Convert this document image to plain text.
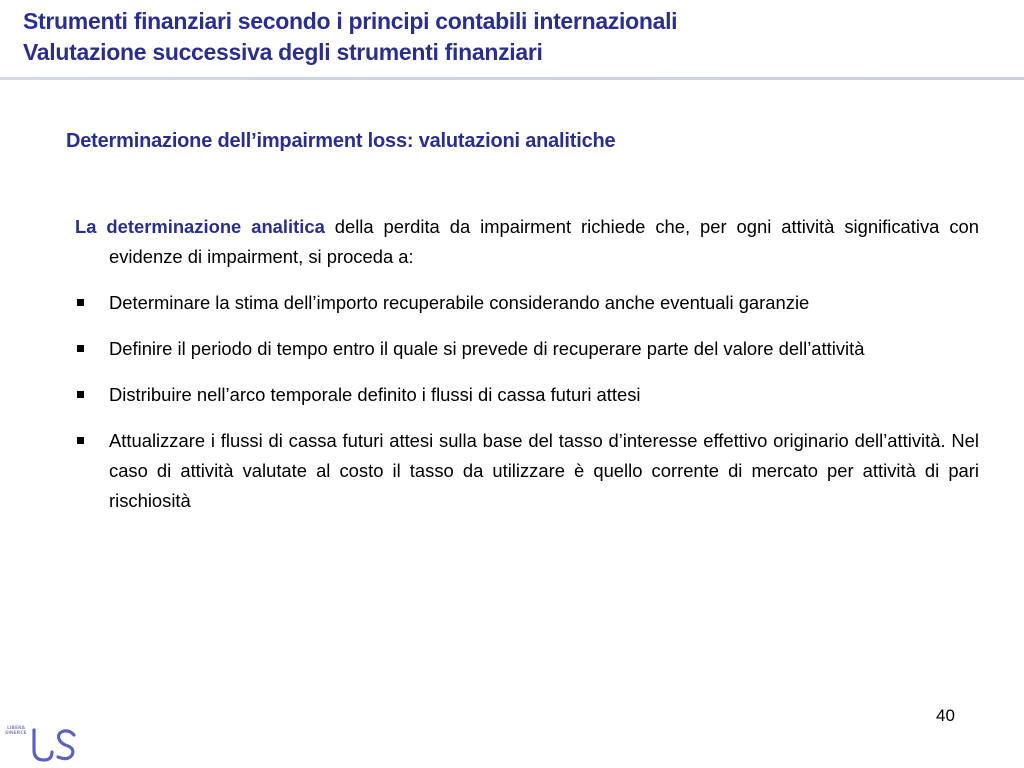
Strumenti finanziari secondo i principi contabili internazionali
Valutazione successiva degli strumenti finanziari
Determinazione dell’impairment loss: valutazioni analitiche

La determinazione analitica della perdita da impairment richiede che, per ogni attività significativa con evidenze di impairment, si proceda a:

Determinare la stima dell’importo recuperabile considerando anche eventuali garanzie
Definire il periodo di tempo entro il quale si prevede di recuperare parte del valore dell’attività
Distribuire nell’arco temporale definito i flussi di cassa futuri attesi
Attualizzare i flussi di cassa futuri attesi sulla base del tasso d’interesse effettivo originario dell’attività. Nel caso di attività valutate al costo il tasso da utilizzare è quello corrente di mercato per attività di pari rischiosità
40
LIBERA
SINERCE
